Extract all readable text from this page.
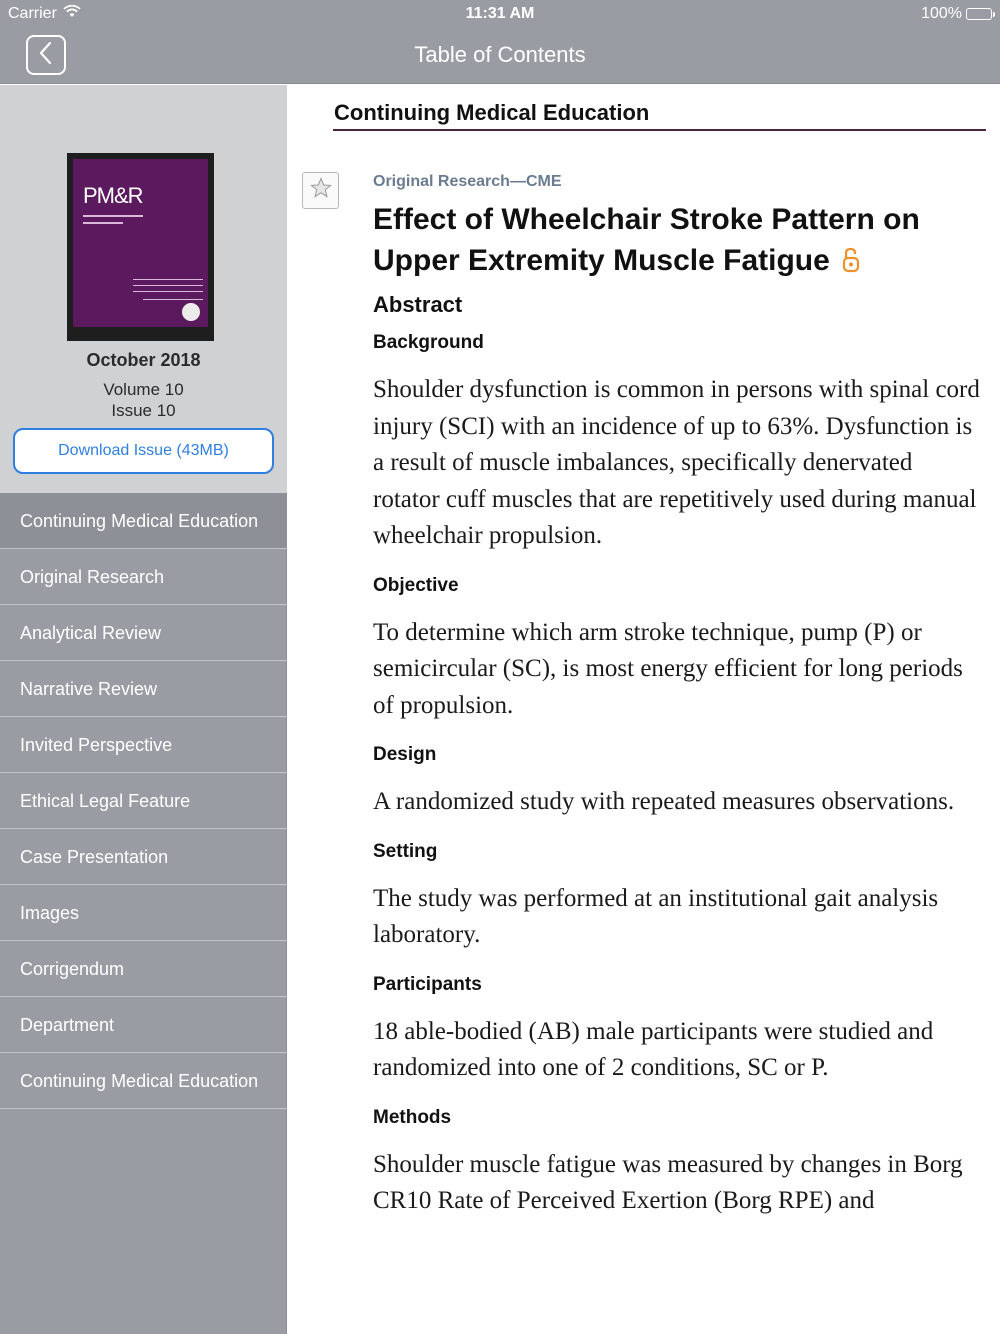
Carrier	11:31 AM	100%
Table of Contents
PM&R
October 2018
Volume 10
Issue 10
Download Issue (43MB)
Continuing Medical Education
Original Research
Analytical Review
Narrative Review
Invited Perspective
Ethical Legal Feature
Case Presentation
Images
Corrigendum
Department
Continuing Medical Education
Continuing Medical Education
Original Research—CME
Effect of Wheelchair Stroke Pattern on Upper Extremity Muscle Fatigue
Abstract
Background
Shoulder dysfunction is common in persons with spinal cord injury (SCI) with an incidence of up to 63%. Dysfunction is a result of muscle imbalances, specifically denervated rotator cuff muscles that are repetitively used during manual wheelchair propulsion.
Objective
To determine which arm stroke technique, pump (P) or semicircular (SC), is most energy efficient for long periods of propulsion.
Design
A randomized study with repeated measures observations.
Setting
The study was performed at an institutional gait analysis laboratory.
Participants
18 able-bodied (AB) male participants were studied and randomized into one of 2 conditions, SC or P.
Methods
Shoulder muscle fatigue was measured by changes in Borg CR10 Rate of Perceived Exertion (Borg RPE) and
